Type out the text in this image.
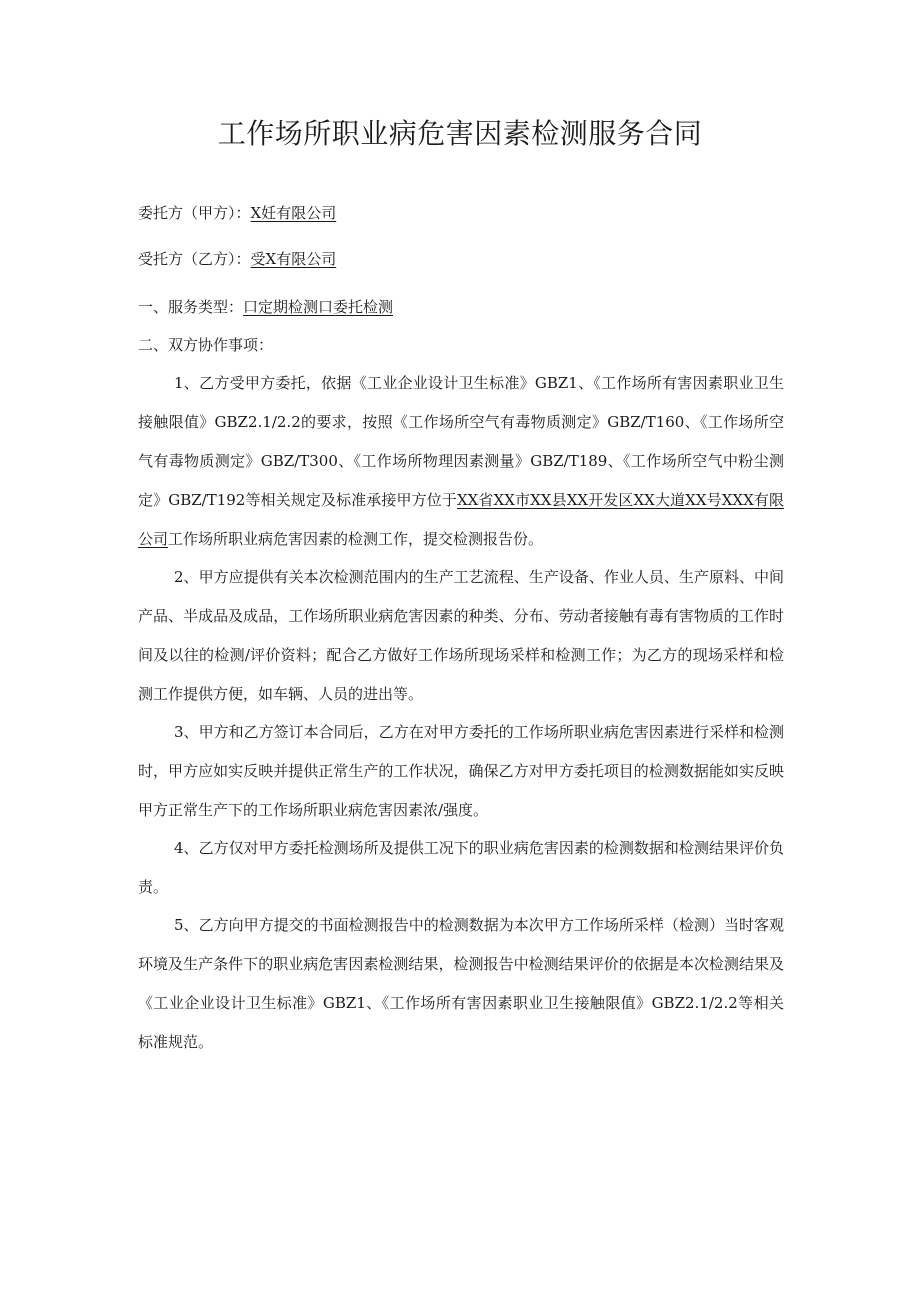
工作场所职业病危害因素检测服务合同
委托方（甲方）：X妊有限公司
受托方（乙方）：受X有限公司
一、服务类型：口定期检测口委托检测
二、双方协作事项：

1、乙方受甲方委托，依据《工业企业设计卫生标准》GBZ1、《工作场所有害因素职业卫生接触限值》GBZ2.1/2.2的要求，按照《工作场所空气有毒物质测定》GBZ/T160、《工作场所空气有毒物质测定》GBZ/T300、《工作场所物理因素测量》GBZ/T189、《工作场所空气中粉尘测定》GBZ/T192等相关规定及标准承接甲方位于XX省XX市XX县XX开发区XX大道XX号XXX有限公司工作场所职业病危害因素的检测工作，提交检测报告份。

2、甲方应提供有关本次检测范围内的生产工艺流程、生产设备、作业人员、生产原料、中间产品、半成品及成品，工作场所职业病危害因素的种类、分布、劳动者接触有毒有害物质的工作时间及以往的检测/评价资料；配合乙方做好工作场所现场采样和检测工作；为乙方的现场采样和检测工作提供方便，如车辆、人员的进出等。

3、甲方和乙方签订本合同后，乙方在对甲方委托的工作场所职业病危害因素进行采样和检测时，甲方应如实反映并提供正常生产的工作状况，确保乙方对甲方委托项目的检测数据能如实反映甲方正常生产下的工作场所职业病危害因素浓/强度。

4、乙方仅对甲方委托检测场所及提供工况下的职业病危害因素的检测数据和检测结果评价负责。

5、乙方向甲方提交的书面检测报告中的检测数据为本次甲方工作场所采样（检测）当时客观环境及生产条件下的职业病危害因素检测结果，检测报告中检测结果评价的依据是本次检测结果及《工业企业设计卫生标准》GBZ1、《工作场所有害因素职业卫生接触限值》GBZ2.1/2.2等相关标准规范。
